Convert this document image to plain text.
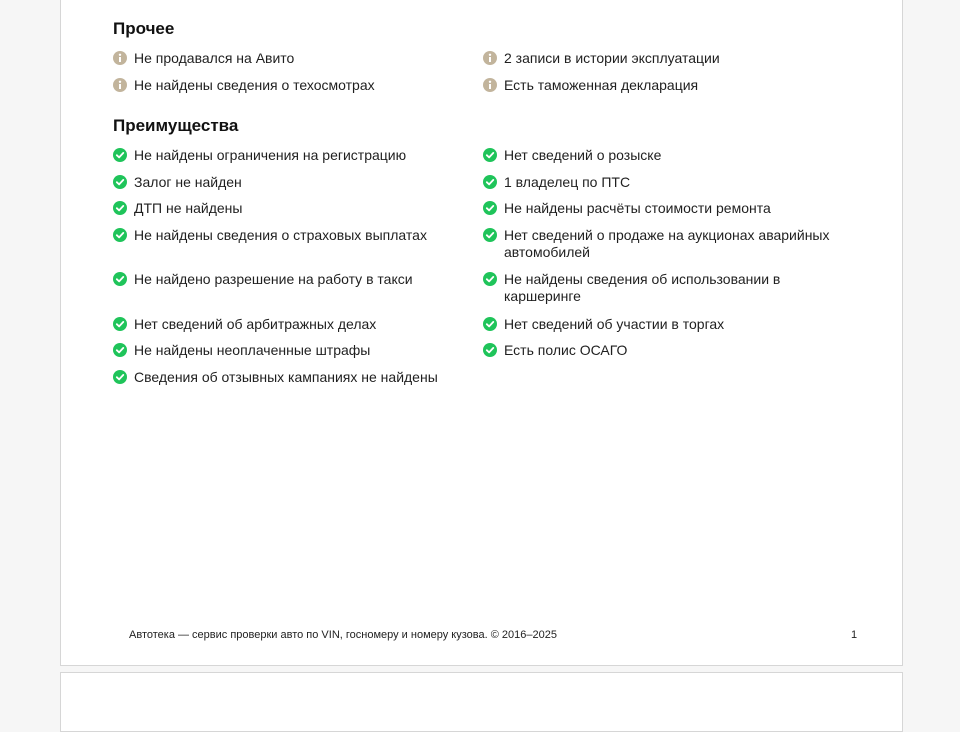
Прочее
Не продавался на Авито	2 записи в истории эксплуатации
Не найдены сведения о техосмотрах	Есть таможенная декларация
Преимущества
Не найдены ограничения на регистрацию	Нет сведений о розыске
Залог не найден	1 владелец по ПТС
ДТП не найдены	Не найдены расчёты стоимости ремонта
Не найдены сведения о страховых выплатах	Нет сведений о продаже на аукционах аварийных автомобилей
Не найдено разрешение на работу в такси	Не найдены сведения об использовании в каршеринге
Нет сведений об арбитражных делах	Нет сведений об участии в торгах
Не найдены неоплаченные штрафы	Есть полис ОСАГО
Сведения об отзывных кампаниях не найдены
Автотека — сервис проверки авто по VIN, госномеру и номеру кузова. © 2016–2025	1
